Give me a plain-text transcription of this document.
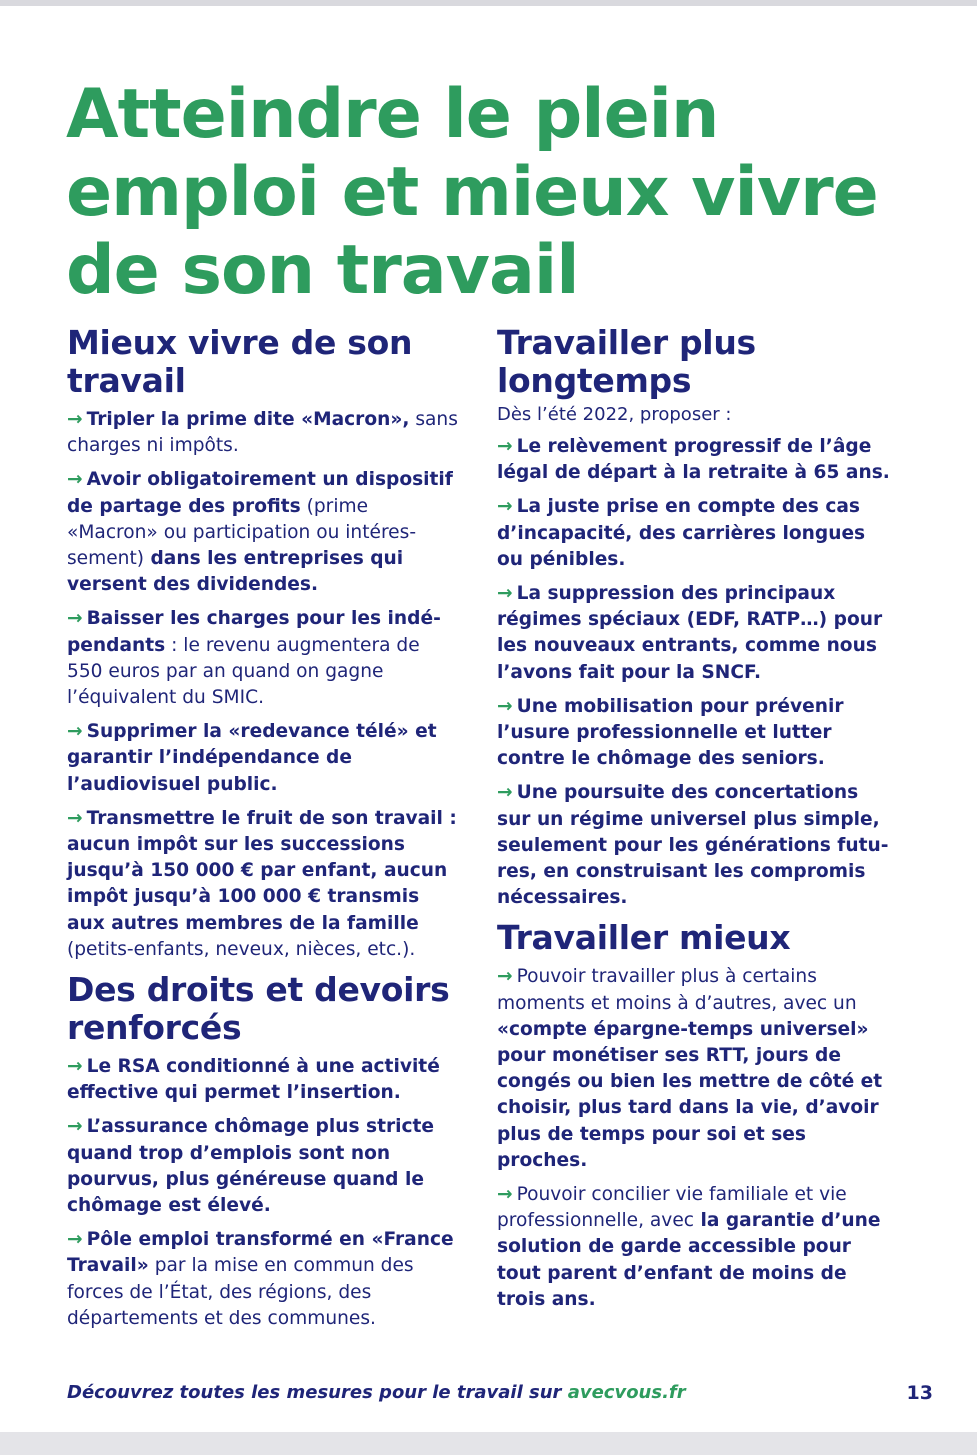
Atteindre le plein emploi et mieux vivre de son travail
Mieux vivre de son travail

→ Tripler la prime dite «Macron», sans charges ni impôts.

→ Avoir obligatoirement un dispositif de partage des profits (prime «Macron» ou participation ou intéressement) dans les entreprises qui versent des dividendes.

→ Baisser les charges pour les indépendants : le revenu augmentera de 550 euros par an quand on gagne l’équivalent du SMIC.

→ Supprimer la «redevance télé» et garantir l’indépendance de l’audiovisuel public.

→ Transmettre le fruit de son travail : aucun impôt sur les successions jusqu’à 150 000 € par enfant, aucun impôt jusqu’à 100 000 € transmis aux autres membres de la famille (petits-enfants, neveux, nièces, etc.).

Des droits et devoirs renforcés

→ Le RSA conditionné à une activité effective qui permet l’insertion.

→ L’assurance chômage plus stricte quand trop d’emplois sont non pourvus, plus généreuse quand le chômage est élevé.

→ Pôle emploi transformé en «France Travail» par la mise en commun des forces de l’État, des régions, des départements et des communes.

Travailler plus longtemps

Dès l’été 2022, proposer :

→ Le relèvement progressif de l’âge légal de départ à la retraite à 65 ans.

→ La juste prise en compte des cas d’incapacité, des carrières longues ou pénibles.

→ La suppression des principaux régimes spéciaux (EDF, RATP…) pour les nouveaux entrants, comme nous l’avons fait pour la SNCF.

→ Une mobilisation pour prévenir l’usure professionnelle et lutter contre le chômage des seniors.

→ Une poursuite des concertations sur un régime universel plus simple, seulement pour les générations futures, en construisant les compromis nécessaires.

Travailler mieux

→ Pouvoir travailler plus à certains moments et moins à d’autres, avec un «compte épargne-temps universel» pour monétiser ses RTT, jours de congés ou bien les mettre de côté et choisir, plus tard dans la vie, d’avoir plus de temps pour soi et ses proches.

→ Pouvoir concilier vie familiale et vie professionnelle, avec la garantie d’une solution de garde accessible pour tout parent d’enfant de moins de trois ans.

Découvrez toutes les mesures pour le travail sur avecvous.fr	13
